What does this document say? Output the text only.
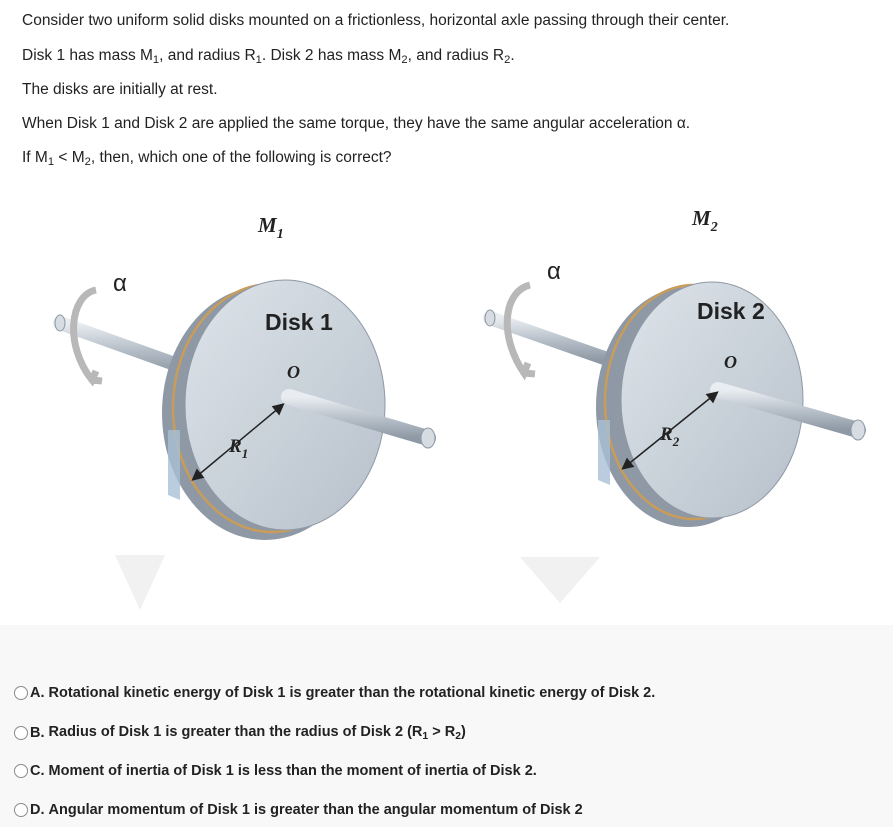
Consider two uniform solid disks mounted on a frictionless, horizontal axle passing through their center.
Disk 1 has mass $M_1$, and radius $R_1$. Disk 2 has mass $M_2$, and radius $R_2$.
The disks are initially at rest.
When Disk 1 and Disk 2 are applied the same torque, they have the same angular acceleration α.
If $M_1 < M_2$, then, which one of the following is correct?
Disk 1
$M_1$
O
$R_1$
α
Disk 2
$M_2$
O
$R_2$
α
A.
Rotational kinetic energy of Disk 1 is greater than the rotational kinetic energy of Disk 2.
B.
Radius of Disk 1 is greater than the radius of Disk 2 $(R_1 > R_2)$
C.
Moment of inertia of Disk 1 is less than the moment of inertia of Disk 2.
D.
Angular momentum of Disk 1 is greater than the angular momentum of Disk 2
